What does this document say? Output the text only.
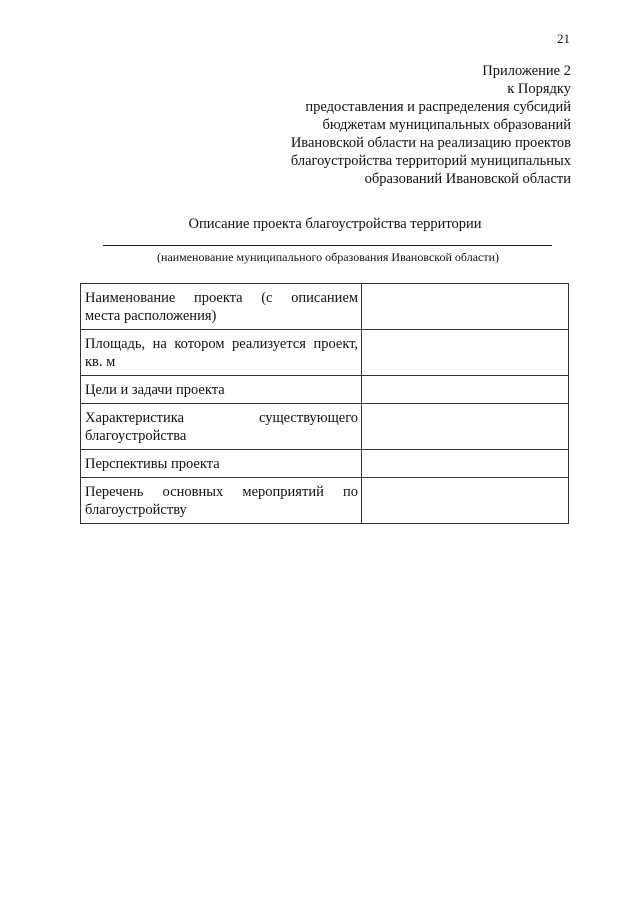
21
Приложение 2
к Порядку
предоставления и распределения субсидий
бюджетам муниципальных образований
Ивановской области на реализацию проектов
благоустройства территорий муниципальных
образований Ивановской области
Описание проекта благоустройства территории
(наименование муниципального образования Ивановской области)
Наименование проекта (с описанием
места расположения)	

Площадь, на котором реализуется проект,
кв. м	
Цели и задачи проекта	

Характеристика существующего
благоустройства	
Перспективы проекта	

Перечень основных мероприятий по
благоустройству	
